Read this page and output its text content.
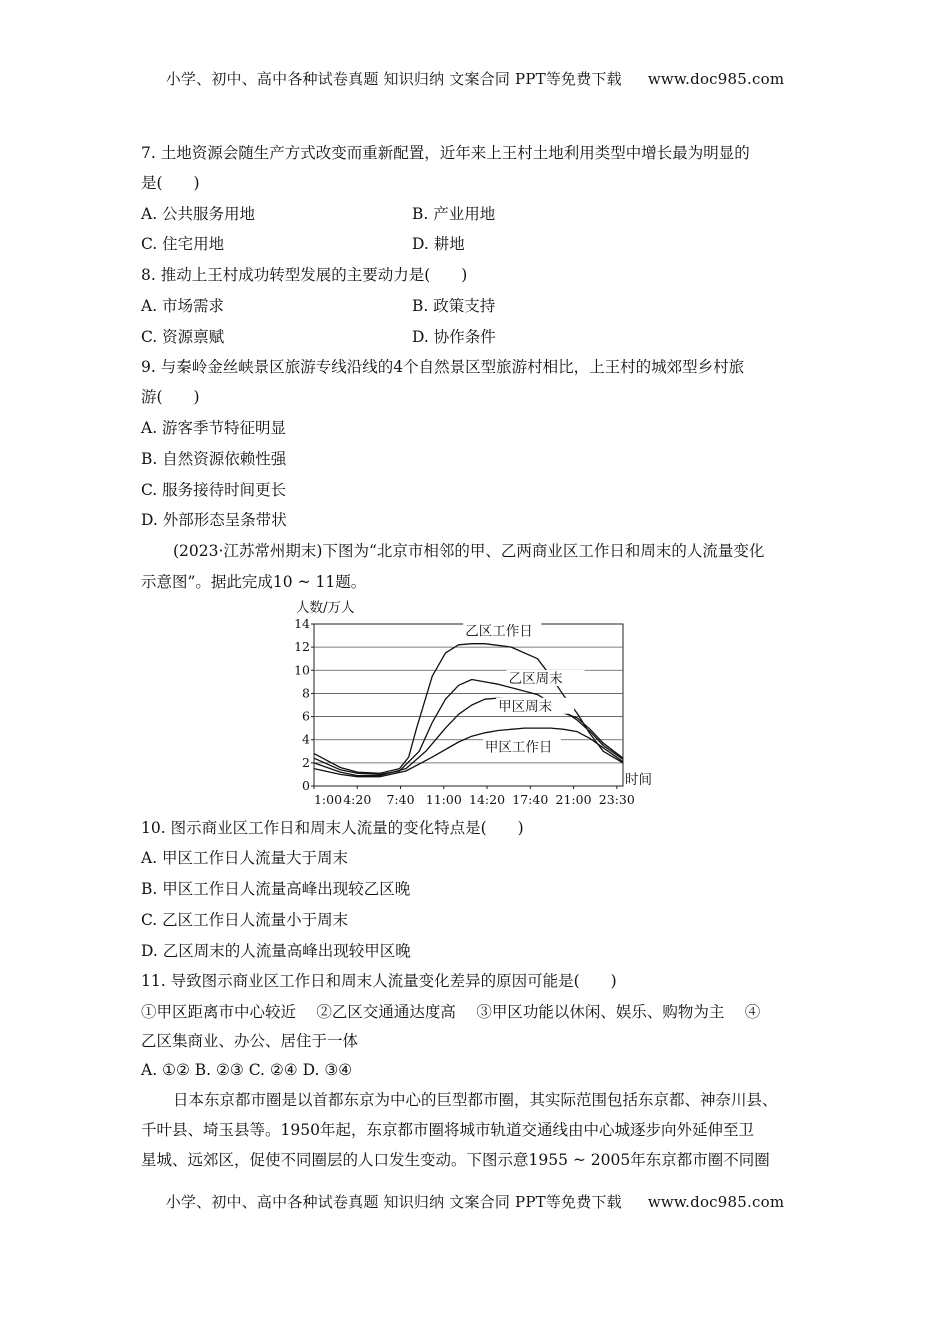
小学、初中、高中各种试卷真题 知识归纳 文案合同 PPT等免费下载 www.doc985.com
7. 土地资源会随生产方式改变而重新配置，近年来上王村土地利用类型中增长最为明显的
是(　　)
A. 公共服务用地	B. 产业用地
C. 住宅用地	D. 耕地
8. 推动上王村成功转型发展的主要动力是(　　)
A. 市场需求	B. 政策支持
C. 资源禀赋	D. 协作条件
9. 与秦岭金丝峡景区旅游专线沿线的4个自然景区型旅游村相比，上王村的城郊型乡村旅
游(　　)
A. 游客季节特征明显
B. 自然资源依赖性强
C. 服务接待时间更长
D. 外部形态呈条带状
(2023·江苏常州期末)下图为“北京市相邻的甲、乙两商业区工作日和周末的人流量变化
示意图”。据此完成10 ~ 11题。
0
2
4
6
8
10
12
14
1:00 4:20 7:40 11:00 14:20 17:40 21:00 23:30
人数/万人
时间
乙区工作日
乙区周末
甲区周末
甲区工作日
10. 图示商业区工作日和周末人流量的变化特点是(　　)
A. 甲区工作日人流量大于周末
B. 甲区工作日人流量高峰出现较乙区晚
C. 乙区工作日人流量小于周末
D. 乙区周末的人流量高峰出现较甲区晚
11. 导致图示商业区工作日和周末人流量变化差异的原因可能是(　　)
①甲区距离市中心较近　 ②乙区交通通达度高　 ③甲区功能以休闲、娱乐、购物为主　 ④
乙区集商业、办公、居住于一体
A. ①② B. ②③ C. ②④ D. ③④
日本东京都市圈是以首都东京为中心的巨型都市圈，其实际范围包括东京都、神奈川县、
千叶县、埼玉县等。1950年起，东京都市圈将城市轨道交通线由中心城逐步向外延伸至卫
星城、远郊区，促使不同圈层的人口发生变动。下图示意1955 ~ 2005年东京都市圈不同圈
小学、初中、高中各种试卷真题 知识归纳 文案合同 PPT等免费下载 www.doc985.com
